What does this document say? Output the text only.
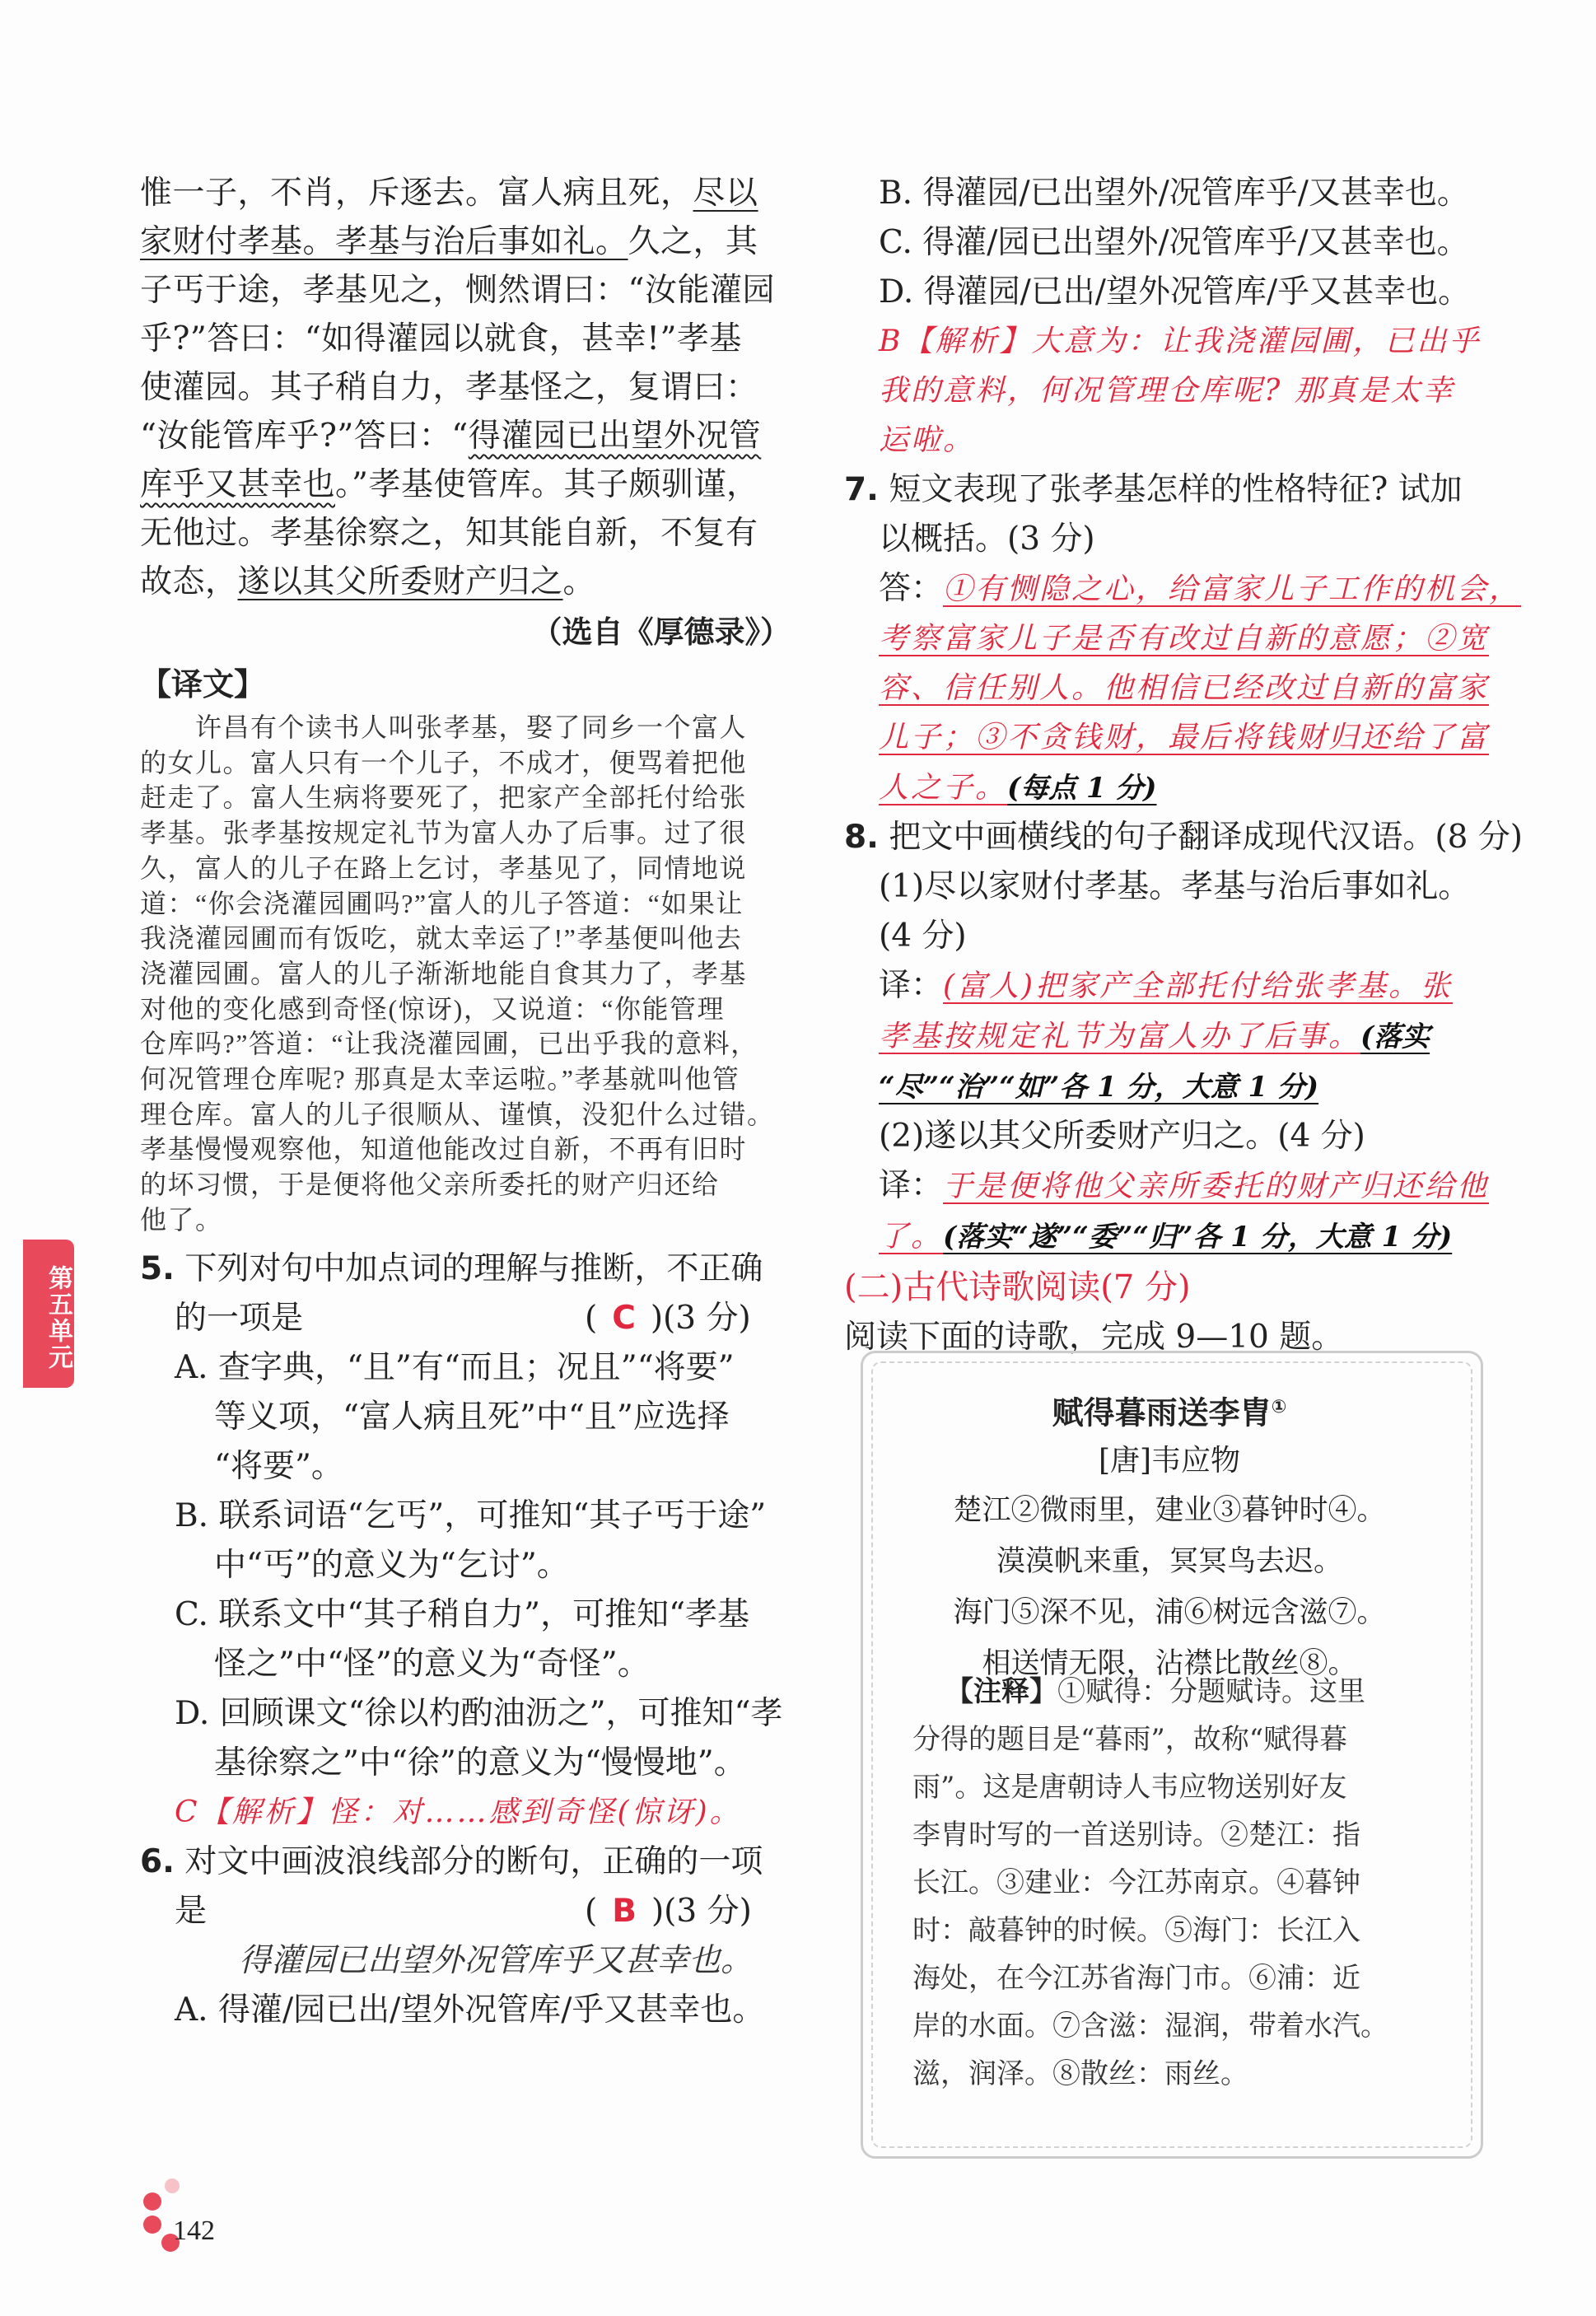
惟一子，不肖，斥逐去。富人病且死，尽以
家财付孝基。孝基与治后事如礼。久之，其
子丐于途，孝基见之，恻然谓曰：“汝能灌园
乎?”答曰：“如得灌园以就食，甚幸!”孝基
使灌园。其子稍自力，孝基怪之，复谓曰：
“汝能管库乎?”答曰：“得灌园已出望外况管
库乎又甚幸也。”孝基使管库。其子颇驯谨，
无他过。孝基徐察之，知其能自新，不复有
故态，遂以其父所委财产归之。
（选自《厚德录》）
【译文】
　　许昌有个读书人叫张孝基，娶了同乡一个富人
的女儿。富人只有一个儿子，不成才，便骂着把他
赶走了。富人生病将要死了，把家产全部托付给张
孝基。张孝基按规定礼节为富人办了后事。过了很
久，富人的儿子在路上乞讨，孝基见了，同情地说
道：“你会浇灌园圃吗?”富人的儿子答道：“如果让
我浇灌园圃而有饭吃，就太幸运了!”孝基便叫他去
浇灌园圃。富人的儿子渐渐地能自食其力了，孝基
对他的变化感到奇怪(惊讶)，又说道：“你能管理
仓库吗?”答道：“让我浇灌园圃，已出乎我的意料，
何况管理仓库呢? 那真是太幸运啦。”孝基就叫他管
理仓库。富人的儿子很顺从、谨慎，没犯什么过错。
孝基慢慢观察他，知道他能改过自新，不再有旧时
的坏习惯，于是便将他父亲所委托的财产归还给
他了。
5. 下列对句中加点词的理解与推断，不正确
的一项是	( C )(3 分)
A. 查字典，“且”有“而且；况且”“将要”
等义项，“富人病且死”中“且”应选择
“将要”。
B. 联系词语“乞丐”，可推知“其子丐于途”
中“丐”的意义为“乞讨”。
C. 联系文中“其子稍自力”，可推知“孝基
怪之”中“怪”的意义为“奇怪”。
D. 回顾课文“徐以杓酌油沥之”，可推知“孝
基徐察之”中“徐”的意义为“慢慢地”。
C【解析】怪：对……感到奇怪(惊讶)。
6. 对文中画波浪线部分的断句，正确的一项
是	( B )(3 分)
得灌园已出望外况管库乎又甚幸也。
A. 得灌/园已出/望外况管库/乎又甚幸也。
B. 得灌园/已出望外/况管库乎/又甚幸也。
C. 得灌/园已出望外/况管库乎/又甚幸也。
D. 得灌园/已出/望外况管库/乎又甚幸也。
B【解析】大意为：让我浇灌园圃，已出乎
我的意料，何况管理仓库呢? 那真是太幸
运啦。
7. 短文表现了张孝基怎样的性格特征? 试加
以概括。(3 分)
答：①有恻隐之心，给富家儿子工作的机会，
考察富家儿子是否有改过自新的意愿；②宽
容、信任别人。他相信已经改过自新的富家
儿子；③不贪钱财，最后将钱财归还给了富
人之子。(每点 1 分)
8. 把文中画横线的句子翻译成现代汉语。(8 分)
(1)尽以家财付孝基。孝基与治后事如礼。
(4 分)
译：(富人)把家产全部托付给张孝基。张
孝基按规定礼节为富人办了后事。(落实
“尽”“治”“如”各 1 分，大意 1 分)
(2)遂以其父所委财产归之。(4 分)
译：于是便将他父亲所委托的财产归还给他
了。(落实“遂”“委”“归”各 1 分，大意 1 分)
(二)古代诗歌阅读(7 分)
阅读下面的诗歌，完成 9—10 题。
赋得暮雨送李胄①
[唐]韦应物
楚江②微雨里，建业③暮钟时④。
漠漠帆来重，冥冥鸟去迟。
海门⑤深不见，浦⑥树远含滋⑦。
相送情无限，沾襟比散丝⑧。
【注释】①赋得：分题赋诗。这里
分得的题目是“暮雨”，故称“赋得暮
雨”。这是唐朝诗人韦应物送别好友
李胄时写的一首送别诗。②楚江：指
长江。③建业：今江苏南京。④暮钟
时：敲暮钟的时候。⑤海门：长江入
海处，在今江苏省海门市。⑥浦：近
岸的水面。⑦含滋：湿润，带着水汽。
滋，润泽。⑧散丝：雨丝。
第五单元
142
